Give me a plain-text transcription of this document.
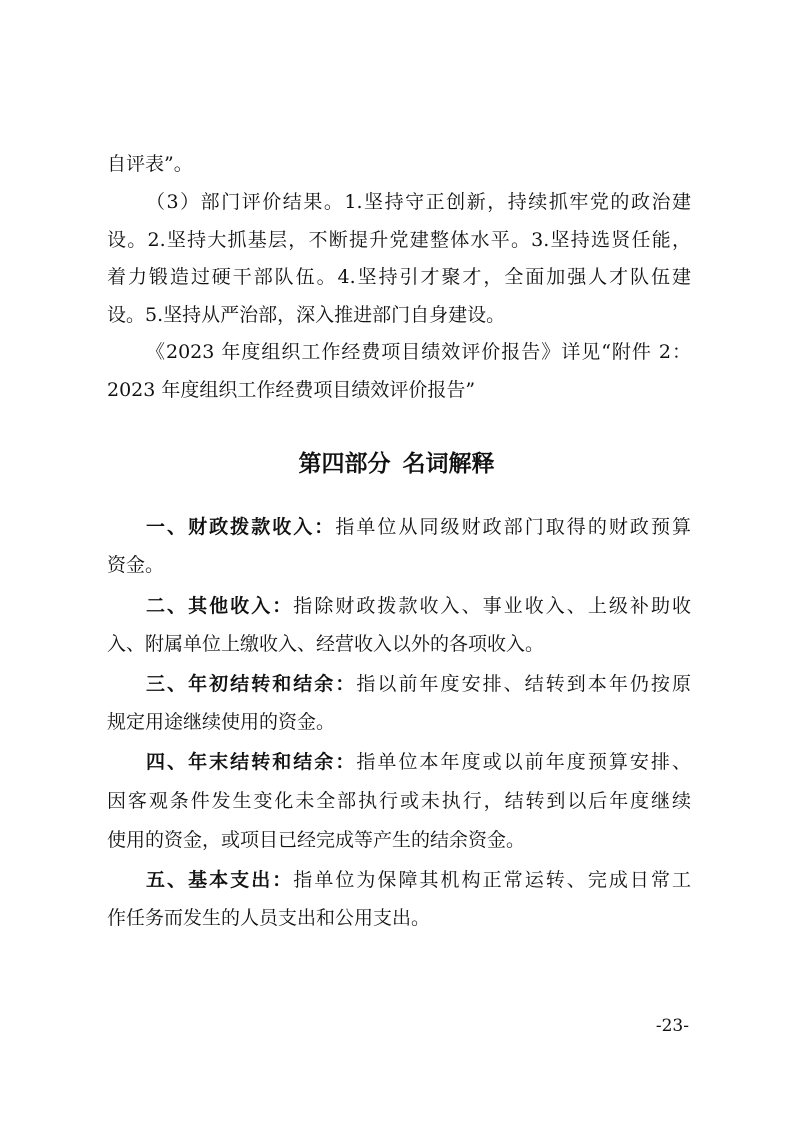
自评表”。
（3）部门评价结果。1.坚持守正创新，持续抓牢党的政治建
设。2.坚持大抓基层，不断提升党建整体水平。3.坚持选贤任能，
着力锻造过硬干部队伍。4.坚持引才聚才，全面加强人才队伍建
设。5.坚持从严治部，深入推进部门自身建设。
《2023 年度组织工作经费项目绩效评价报告》详见“附件 2：
2023 年度组织工作经费项目绩效评价报告”
第四部分 名词解释
一、财政拨款收入：指单位从同级财政部门取得的财政预算
资金。
二、其他收入：指除财政拨款收入、事业收入、上级补助收
入、附属单位上缴收入、经营收入以外的各项收入。
三、年初结转和结余：指以前年度安排、结转到本年仍按原
规定用途继续使用的资金。
四、年末结转和结余：指单位本年度或以前年度预算安排、
因客观条件发生变化未全部执行或未执行，结转到以后年度继续
使用的资金，或项目已经完成等产生的结余资金。
五、基本支出：指单位为保障其机构正常运转、完成日常工
作任务而发生的人员支出和公用支出。
-23-
